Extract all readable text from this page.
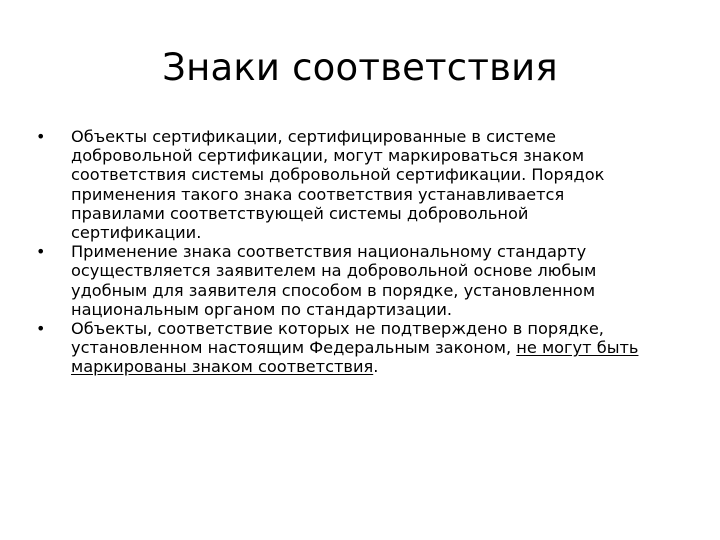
Знаки соответствия
•	Объекты сертификации, сертифицированные в системе добровольной сертификации, могут маркироваться знаком соответствия системы добровольной сертификации. Порядок применения такого знака соответствия устанавливается правилами соответствующей системы добровольной сертификации.
•	Применение знака соответствия национальному стандарту осуществляется заявителем на добровольной основе любым удобным для заявителя способом в порядке, установленном национальным органом по стандартизации.
•	Объекты, соответствие которых не подтверждено в порядке, установленном настоящим Федеральным законом, не могут быть маркированы знаком соответствия.
